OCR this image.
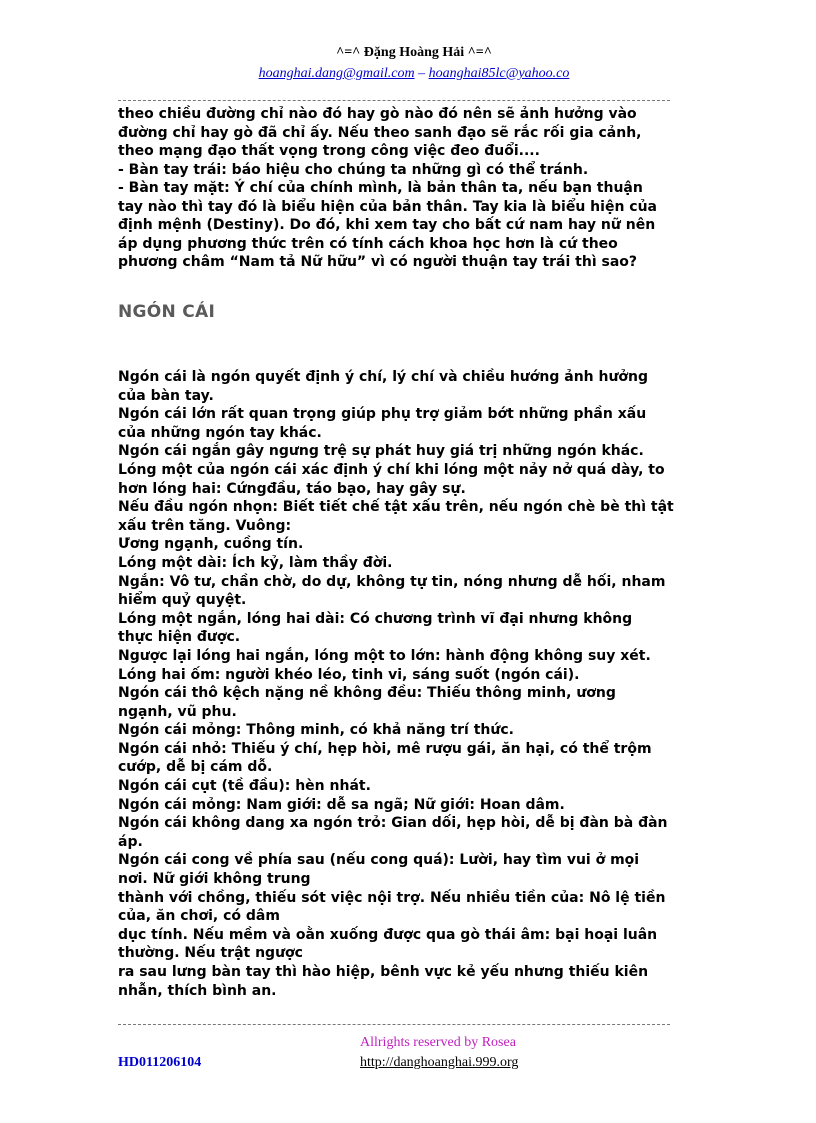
^=^ Đặng Hoàng Hải ^=^
hoanghai.dang@gmail.com – hoanghai85lc@yahoo.co

theo chiều đường chỉ nào đó hay gò nào đó nên sẽ ảnh hưởng vào

đường chỉ hay gò đã chỉ ấy. Nếu theo sanh đạo sẽ rắc rối gia cảnh,

theo mạng đạo thất vọng trong công việc đeo đuổi....

- Bàn tay trái: báo hiệu cho chúng ta những gì có thể tránh.

- Bàn tay mặt: Ý chí của chính mình, là bản thân ta, nếu bạn thuận

tay nào thì tay đó là biểu hiện của bản thân. Tay kia là biểu hiện của

định mệnh (Destiny). Do đó, khi xem tay cho bất cứ nam hay nữ nên

áp dụng phương thức trên có tính cách khoa học hơn là cứ theo

phương châm “Nam tả Nữ hữu” vì có người thuận tay trái thì sao?

NGÓN CÁI

Ngón cái là ngón quyết định ý chí, lý chí và chiều hướng ảnh hưởng

của bàn tay.

Ngón cái lớn rất quan trọng giúp phụ trợ giảm bớt những phần xấu

của những ngón tay khác.

Ngón cái ngắn gây ngưng trệ sự phát huy giá trị những ngón khác.

Lóng một của ngón cái xác định ý chí khi lóng một nảy nở quá dày, to

hơn lóng hai: Cứngđầu, táo bạo, hay gây sự.

Nếu đầu ngón nhọn: Biết tiết chế tật xấu trên, nếu ngón chè bè thì tật

xấu trên tăng. Vuông:

Ương ngạnh, cuồng tín.

Lóng một dài: Ích kỷ, làm thầy đời.

Ngắn: Vô tư, chần chờ, do dự, không tự tin, nóng nhưng dễ hối, nham

hiểm quỷ quyệt.

Lóng một ngắn, lóng hai dài: Có chương trình vĩ đại nhưng không

thực hiện được.

Ngược lại lóng hai ngắn, lóng một to lớn: hành động không suy xét.

Lóng hai ốm: người khéo léo, tinh vi, sáng suốt (ngón cái).

Ngón cái thô kệch nặng nề không đều: Thiếu thông minh, ương

ngạnh, vũ phu.

Ngón cái mỏng: Thông minh, có khả năng trí thức.

Ngón cái nhỏ: Thiếu ý chí, hẹp hòi, mê rượu gái, ăn hại, có thể trộm

cướp, dễ bị cám dỗ.

Ngón cái cụt (tề đầu): hèn nhát.

Ngón cái mỏng: Nam giới: dễ sa ngã; Nữ giới: Hoan dâm.

Ngón cái không dang xa ngón trỏ: Gian dối, hẹp hòi, dễ bị đàn bà đàn

áp.

Ngón cái cong về phía sau (nếu cong quá): Lười, hay tìm vui ở mọi

nơi. Nữ giới không trung

thành với chồng, thiếu sót việc nội trợ. Nếu nhiều tiền của: Nô lệ tiền

của, ăn chơi, có dâm

dục tính. Nếu mềm và oằn xuống được qua gò thái âm: bại hoại luân

thường. Nếu trật ngược

ra sau lưng bàn tay thì hào hiệp, bênh vực kẻ yếu nhưng thiếu kiên

nhẫn, thích bình an.

Allrights reserved by Rosea
http://danghoanghai.999.org
HD011206104
